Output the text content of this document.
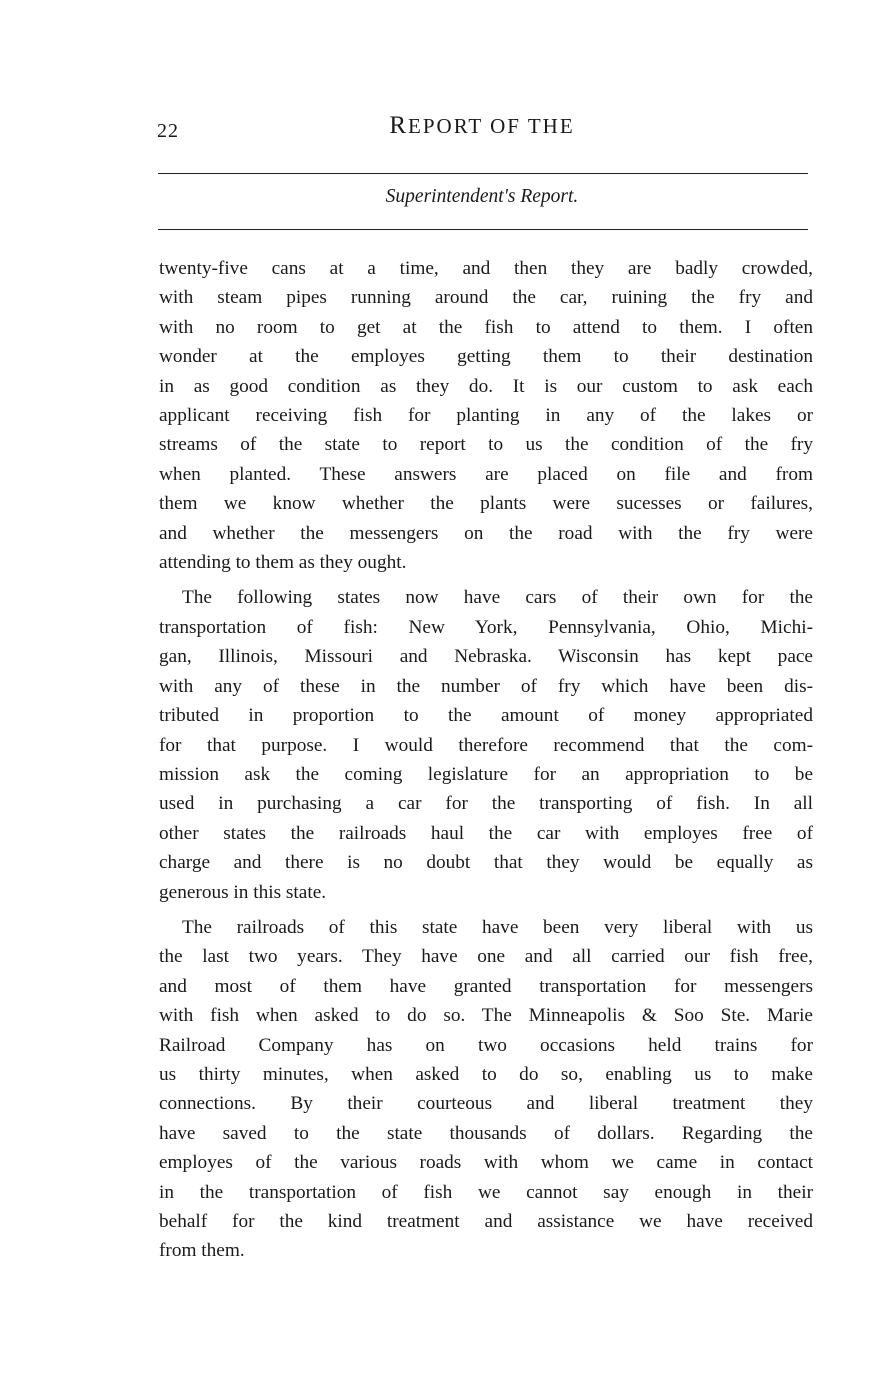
22	REPORT OF THE
Superintendent's Report.
twenty-five cans at a time, and then they are badly crowded,
with steam pipes running around the car, ruining the fry and
with no room to get at the fish to attend to them. I often
wonder at the employes getting them to their destination
in as good condition as they do. It is our custom to ask each
applicant receiving fish for planting in any of the lakes or
streams of the state to report to us the condition of the fry
when planted. These answers are placed on file and from
them we know whether the plants were sucesses or failures,
and whether the messengers on the road with the fry were
attending to them as they ought.
The following states now have cars of their own for the
transportation of fish: New York, Pennsylvania, Ohio, Michi-
gan, Illinois, Missouri and Nebraska. Wisconsin has kept pace
with any of these in the number of fry which have been dis-
tributed in proportion to the amount of money appropriated
for that purpose. I would therefore recommend that the com-
mission ask the coming legislature for an appropriation to be
used in purchasing a car for the transporting of fish. In all
other states the railroads haul the car with employes free of
charge and there is no doubt that they would be equally as
generous in this state.
The railroads of this state have been very liberal with us
the last two years. They have one and all carried our fish free,
and most of them have granted transportation for messengers
with fish when asked to do so. The Minneapolis & Soo Ste. Marie
Railroad Company has on two occasions held trains for
us thirty minutes, when asked to do so, enabling us to make
connections. By their courteous and liberal treatment they
have saved to the state thousands of dollars. Regarding the
employes of the various roads with whom we came in contact
in the transportation of fish we cannot say enough in their
behalf for the kind treatment and assistance we have received
from them.
